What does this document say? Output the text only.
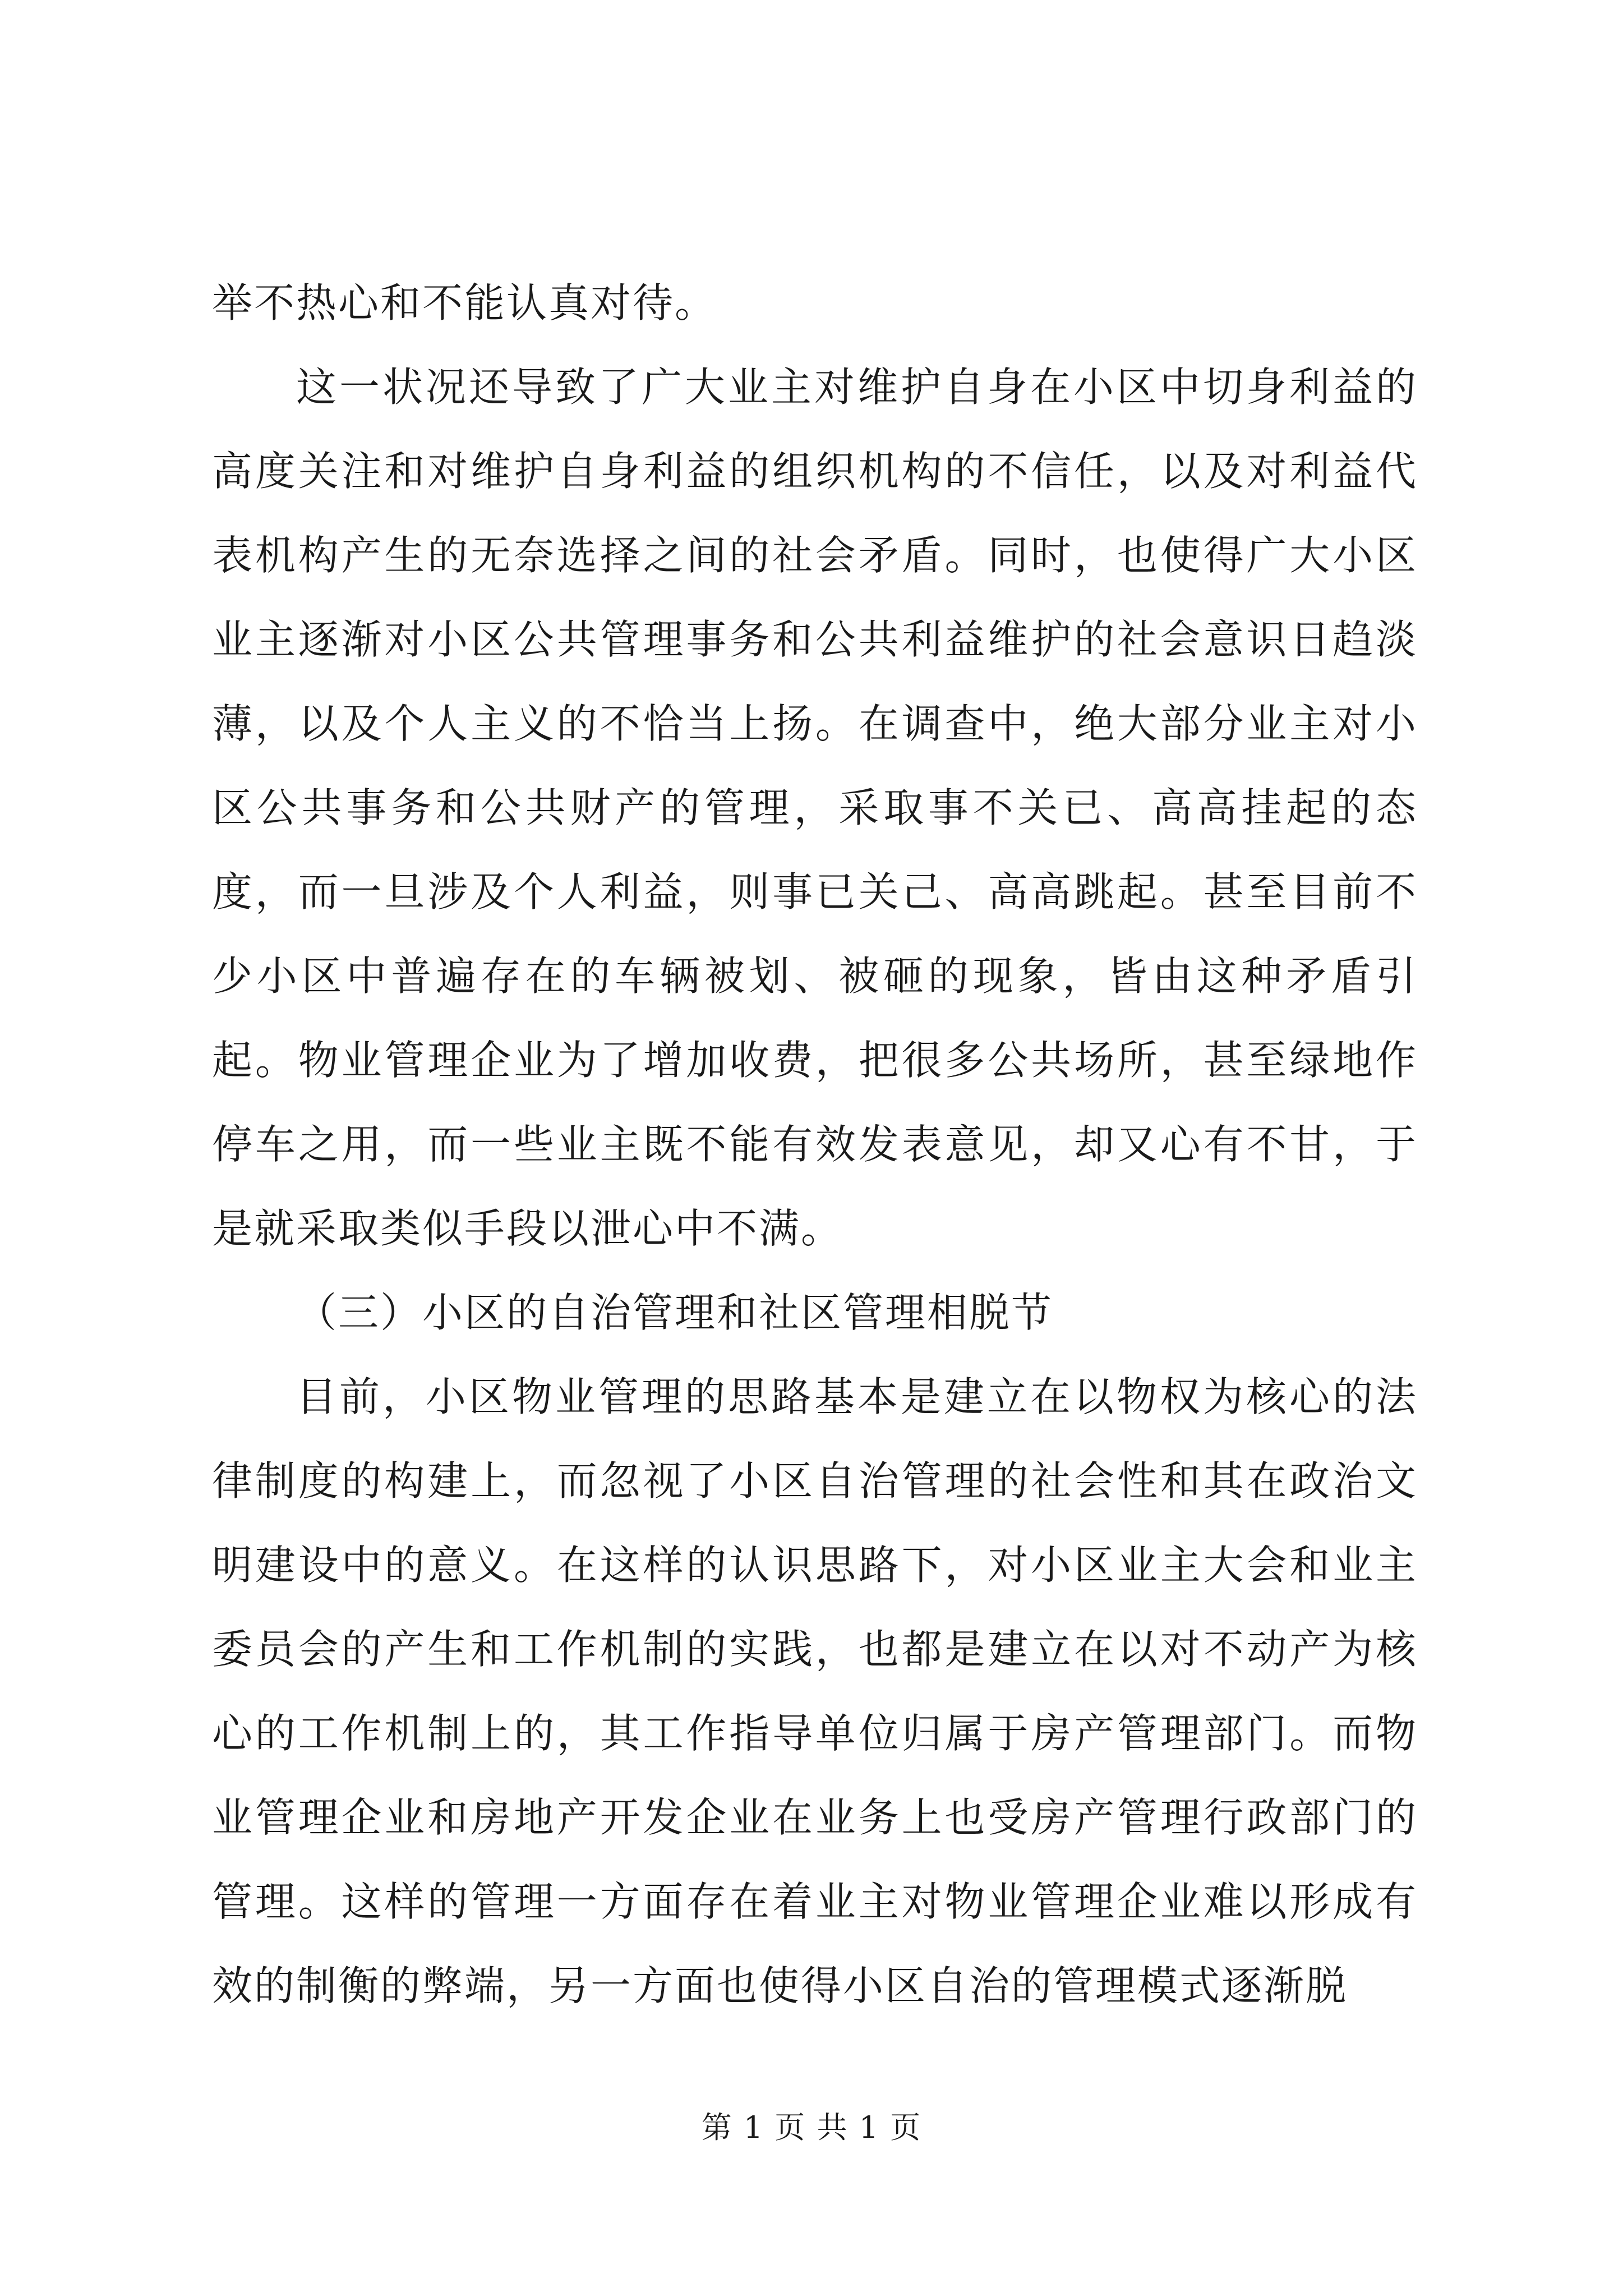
举不热心和不能认真对待。

这一状况还导致了广大业主对维护自身在小区中切身利益的高度关注和对维护自身利益的组织机构的不信任，以及对利益代表机构产生的无奈选择之间的社会矛盾。同时，也使得广大小区业主逐渐对小区公共管理事务和公共利益维护的社会意识日趋淡薄，以及个人主义的不恰当上扬。在调查中，绝大部分业主对小区公共事务和公共财产的管理，采取事不关已、高高挂起的态度，而一旦涉及个人利益，则事已关己、高高跳起。甚至目前不少小区中普遍存在的车辆被划、被砸的现象，皆由这种矛盾引起。物业管理企业为了增加收费，把很多公共场所，甚至绿地作停车之用，而一些业主既不能有效发表意见，却又心有不甘，于是就采取类似手段以泄心中不满。

（三）小区的自治管理和社区管理相脱节

目前，小区物业管理的思路基本是建立在以物权为核心的法律制度的构建上，而忽视了小区自治管理的社会性和其在政治文明建设中的意义。在这样的认识思路下，对小区业主大会和业主委员会的产生和工作机制的实践，也都是建立在以对不动产为核心的工作机制上的，其工作指导单位归属于房产管理部门。而物业管理企业和房地产开发企业在业务上也受房产管理行政部门的管理。这样的管理一方面存在着业主对物业管理企业难以形成有效的制衡的弊端，另一方面也使得小区自治的管理模式逐渐脱

第 1 页 共 1 页
